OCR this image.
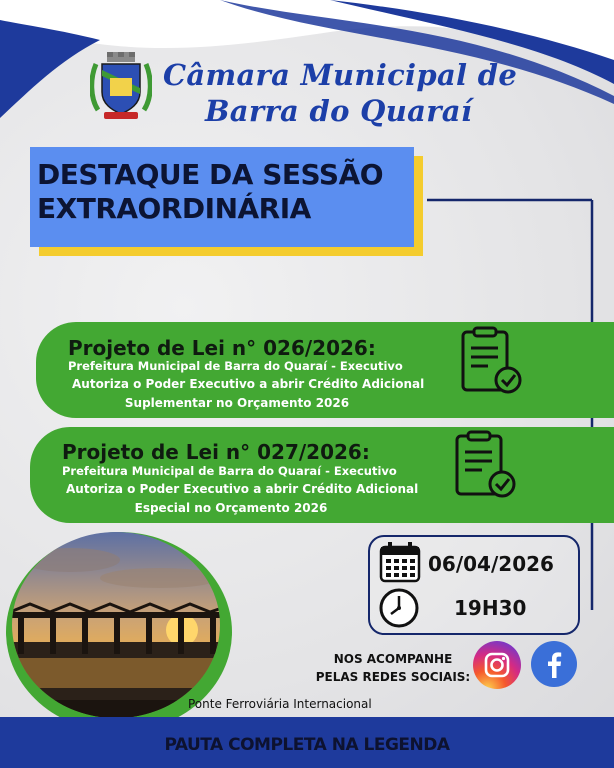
Câmara Municipal de
Barra do Quaraí
DESTAQUE DA SESSÃO
EXTRAORDINÁRIA
Projeto de Lei n° 026/2026:
Prefeitura Municipal de Barra do Quaraí - Executivo
Autoriza o Poder Executivo a abrir Crédito Adicional
Suplementar no Orçamento 2026
Projeto de Lei n° 027/2026:
Prefeitura Municipal de Barra do Quaraí - Executivo
Autoriza o Poder Executivo a abrir Crédito Adicional
Especial no Orçamento 2026
06/04/2026
19H30
NOS ACOMPANHE
PELAS REDES SOCIAIS:
Ponte Ferroviária Internacional
PAUTA COMPLETA NA LEGENDA
